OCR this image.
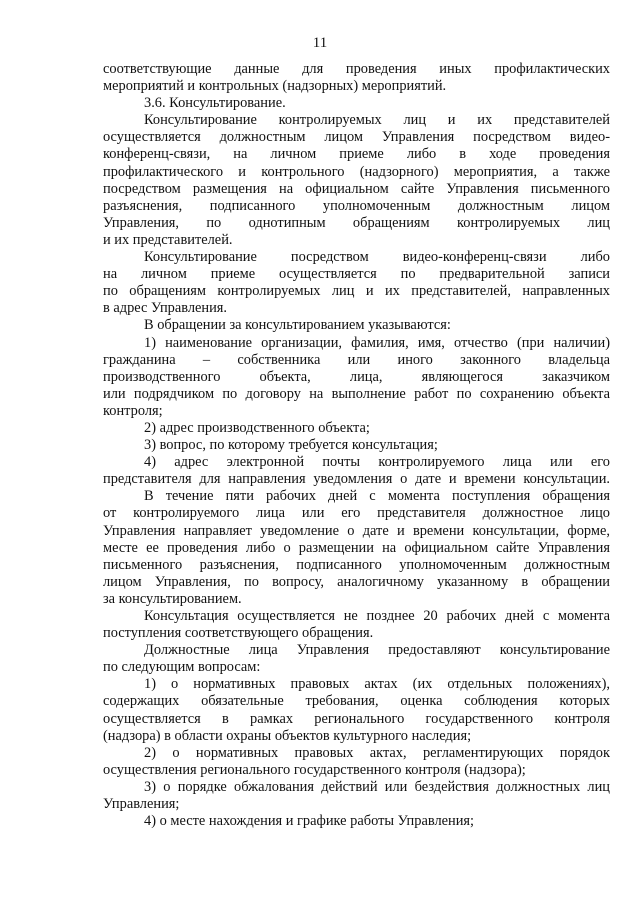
11
соответствующие данные для проведения иных профилактических
мероприятий и контрольных (надзорных) мероприятий.
3.6. Консультирование.
Консультирование контролируемых лиц и их представителей
осуществляется должностным лицом Управления посредством видео-
конференц-связи, на личном приеме либо в ходе проведения
профилактического и контрольного (надзорного) мероприятия, а также
посредством размещения на официальном сайте Управления письменного
разъяснения, подписанного уполномоченным должностным лицом
Управления, по однотипным обращениям контролируемых лиц
и их представителей.
Консультирование посредством видео-конференц-связи либо
на личном приеме осуществляется по предварительной записи
по обращениям контролируемых лиц и их представителей, направленных
в адрес Управления.
В обращении за консультированием указываются:
1) наименование организации, фамилия, имя, отчество (при наличии)
гражданина – собственника или иного законного владельца
производственного объекта, лица, являющегося заказчиком
или подрядчиком по договору на выполнение работ по сохранению объекта
контроля;
2) адрес производственного объекта;
3) вопрос, по которому требуется консультация;
4) адрес электронной почты контролируемого лица или его
представителя для направления уведомления о дате и времени консультации.
В течение пяти рабочих дней с момента поступления обращения
от контролируемого лица или его представителя должностное лицо
Управления направляет уведомление о дате и времени консультации, форме,
месте ее проведения либо о размещении на официальном сайте Управления
письменного разъяснения, подписанного уполномоченным должностным
лицом Управления, по вопросу, аналогичному указанному в обращении
за консультированием.
Консультация осуществляется не позднее 20 рабочих дней с момента
поступления соответствующего обращения.
Должностные лица Управления предоставляют консультирование
по следующим вопросам:
1) о нормативных правовых актах (их отдельных положениях),
содержащих обязательные требования, оценка соблюдения которых
осуществляется в рамках регионального государственного контроля
(надзора) в области охраны объектов культурного наследия;
2) о нормативных правовых актах, регламентирующих порядок
осуществления регионального государственного контроля (надзора);
3) о порядке обжалования действий или бездействия должностных лиц
Управления;
4) о месте нахождения и графике работы Управления;
